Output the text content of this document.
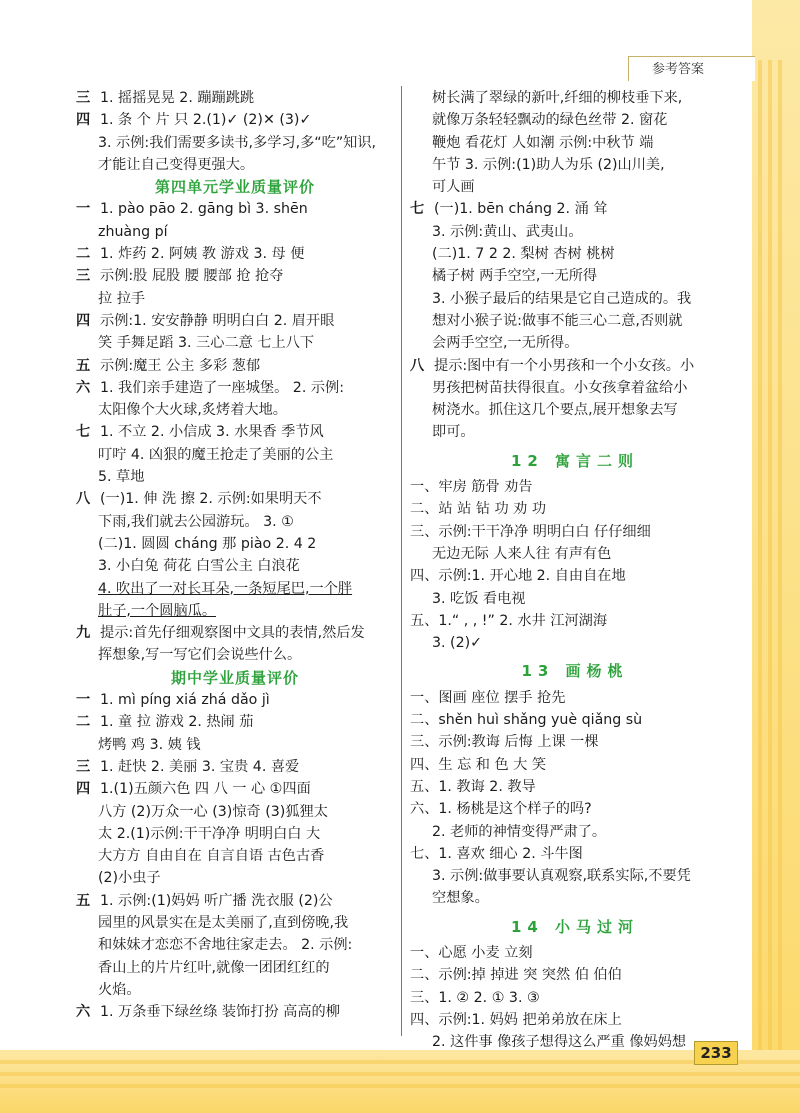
参考答案
三 1. 摇摇晃晃 2. 蹦蹦跳跳
四 1. 条 个 片 只 2.(1)✓ (2)✕ (3)✓
3. 示例:我们需要多读书,多学习,多“吃”知识,
才能让自己变得更强大。
第四单元学业质量评价
一 1. pào pāo 2. gāng bì 3. shēn
zhuàng pí
二 1. 炸药 2. 阿姨 教 游戏 3. 母 便
三 示例:股 屁股 腰 腰部 抢 抢夺
拉 拉手
四 示例:1. 安安静静 明明白白 2. 眉开眼
笑 手舞足蹈 3. 三心二意 七上八下
五 示例:魔王 公主 多彩 葱郁
六 1. 我们亲手建造了一座城堡。 2. 示例:
太阳像个大火球,炙烤着大地。
七 1. 不立 2. 小信成 3. 水果香 季节风
叮咛 4. 凶狠的魔王抢走了美丽的公主
5. 草地
八 (一)1. 伸 洗 擦 2. 示例:如果明天不
下雨,我们就去公园游玩。 3. ①
(二)1. 圆圆 cháng 那 piào 2. 4 2
3. 小白兔 荷花 白雪公主 白浪花
4. 吹出了一对长耳朵,一条短尾巴,一个胖
肚子,一个圆脑瓜。
九 提示:首先仔细观察图中文具的表情,然后发
挥想象,写一写它们会说些什么。
期中学业质量评价
一 1. mì píng xiá zhá dǎo jì
二 1. 童 拉 游戏 2. 热闹 茄
烤鸭 鸡 3. 姨 钱
三 1. 赶快 2. 美丽 3. 宝贵 4. 喜爱
四 1.(1)五颜六色 四 八 一 心 ①四面
八方 (2)万众一心 (3)惊奇 (3)狐狸太
太 2.(1)示例:干干净净 明明白白 大
大方方 自由自在 自言自语 古色古香
(2)小虫子
五 1. 示例:(1)妈妈 听广播 洗衣服 (2)公
园里的风景实在是太美丽了,直到傍晚,我
和妹妹才恋恋不舍地往家走去。 2. 示例:
香山上的片片红叶,就像一团团红红的
火焰。
六 1. 万条垂下绿丝绦 装饰打扮 高高的柳
树长满了翠绿的新叶,纤细的柳枝垂下来,
就像万条轻轻飘动的绿色丝带 2. 窗花
鞭炮 看花灯 人如潮 示例:中秋节 端
午节 3. 示例:(1)助人为乐 (2)山川美,
可人画
七 (一)1. bēn cháng 2. 涌 耸
3. 示例:黄山、武夷山。
(二)1. 7 2 2. 梨树 杏树 桃树
橘子树 两手空空,一无所得
3. 小猴子最后的结果是它自己造成的。我
想对小猴子说:做事不能三心二意,否则就
会两手空空,一无所得。
八 提示:图中有一个小男孩和一个小女孩。小
男孩把树苗扶得很直。小女孩拿着盆给小
树浇水。抓住这几个要点,展开想象去写
即可。
12 寓言二则
一、牢房 筋骨 劝告
二、站 站 钻 功 劝 功
三、示例:干干净净 明明白白 仔仔细细
无边无际 人来人往 有声有色
四、示例:1. 开心地 2. 自由自在地
3. 吃饭 看电视
五、1.“ , , !” 2. 水井 江河湖海
3. (2)✓
13 画杨桃
一、图画 座位 摆手 抢先
二、shěn huì shǎng yuè qiǎng sù
三、示例:教诲 后悔 上课 一棵
四、生 忘 和 色 大 笑
五、1. 教诲 2. 教导
六、1. 杨桃是这个样子的吗?
2. 老师的神情变得严肃了。
七、1. 喜欢 细心 2. 斗牛图
3. 示例:做事要认真观察,联系实际,不要凭
空想象。
14 小马过河
一、心愿 小麦 立刻
二、示例:掉 掉进 突 突然 伯 伯伯
三、1. ② 2. ① 3. ③
四、示例:1. 妈妈 把弟弟放在床上
2. 这件事 像孩子想得这么严重 像妈妈想
233
